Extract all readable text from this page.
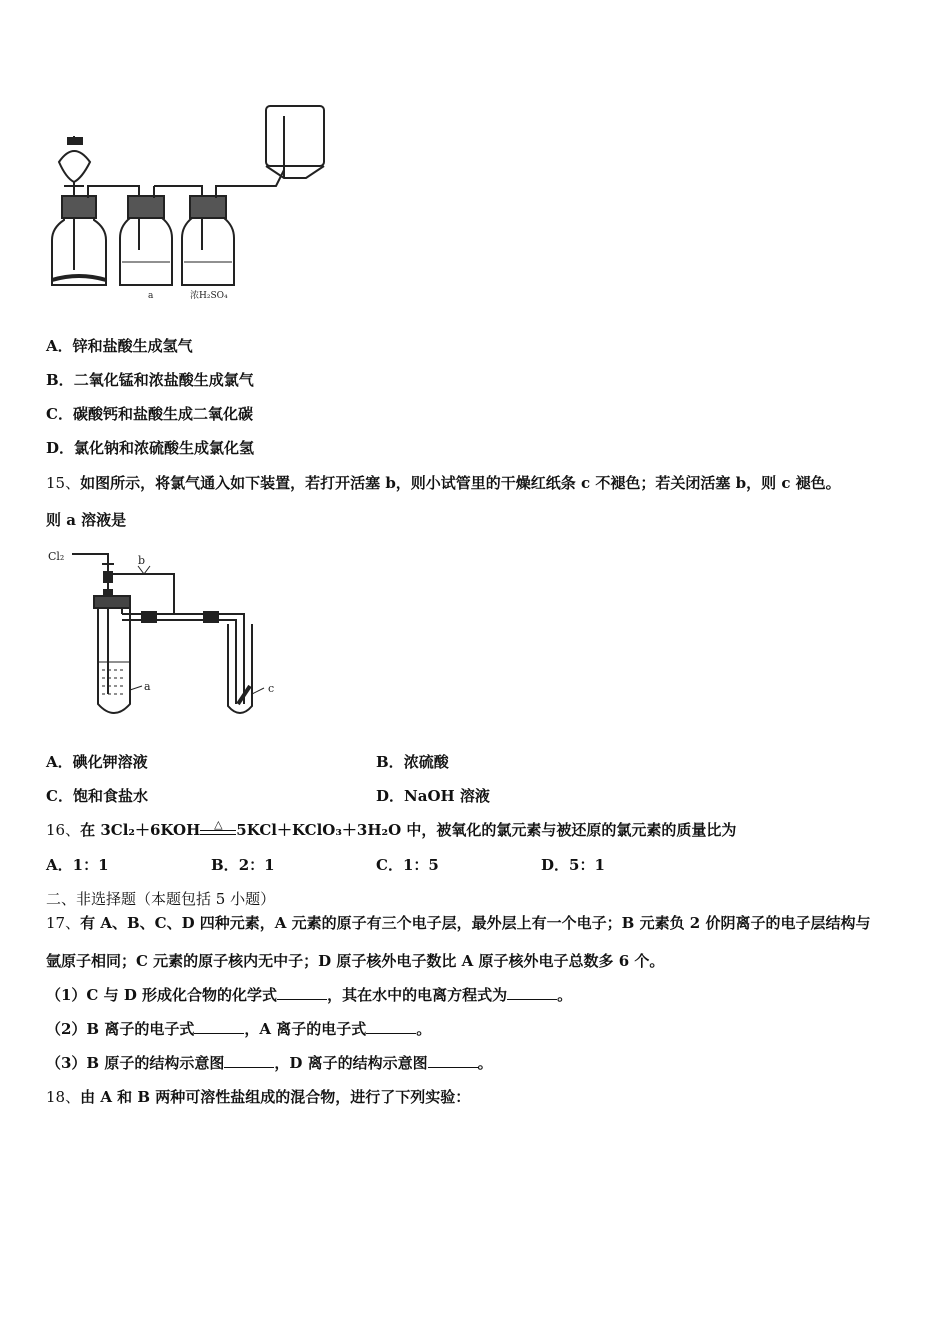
a	浓H₂SO₄
A．锌和盐酸生成氢气
B．二氧化锰和浓盐酸生成氯气
C．碳酸钙和盐酸生成二氧化碳
D．氯化钠和浓硫酸生成氯化氢
15、如图所示，将氯气通入如下装置，若打开活塞 b，则小试管里的干燥红纸条 c 不褪色；若关闭活塞 b，则 c 褪色。
则 a 溶液是
Cl₂	b
a	c
A．碘化钾溶液	B．浓硫酸
C．饱和食盐水	D．NaOH 溶液
16、在 3Cl₂＋6KOH	△ 5KCl＋KClO₃＋3H₂O 中，被氧化的氯元素与被还原的氯元素的质量比为
A．1：1	B．2：1	C．1：5	D．5：1
二、非选择题（本题包括 5 小题）
17、有 A、B、C、D 四种元素，A 元素的原子有三个电子层，最外层上有一个电子；B 元素负 2 价阴离子的电子层结构与
氩原子相同；C 元素的原子核内无中子；D 原子核外电子数比 A 原子核外电子总数多 6 个。
（1）C 与 D 形成化合物的化学式	，其在水中的电离方程式为	。
（2）B 离子的电子式	，A 离子的电子式	。
（3）B 原子的结构示意图	，D 离子的结构示意图	。
18、由 A 和 B 两种可溶性盐组成的混合物，进行了下列实验：
